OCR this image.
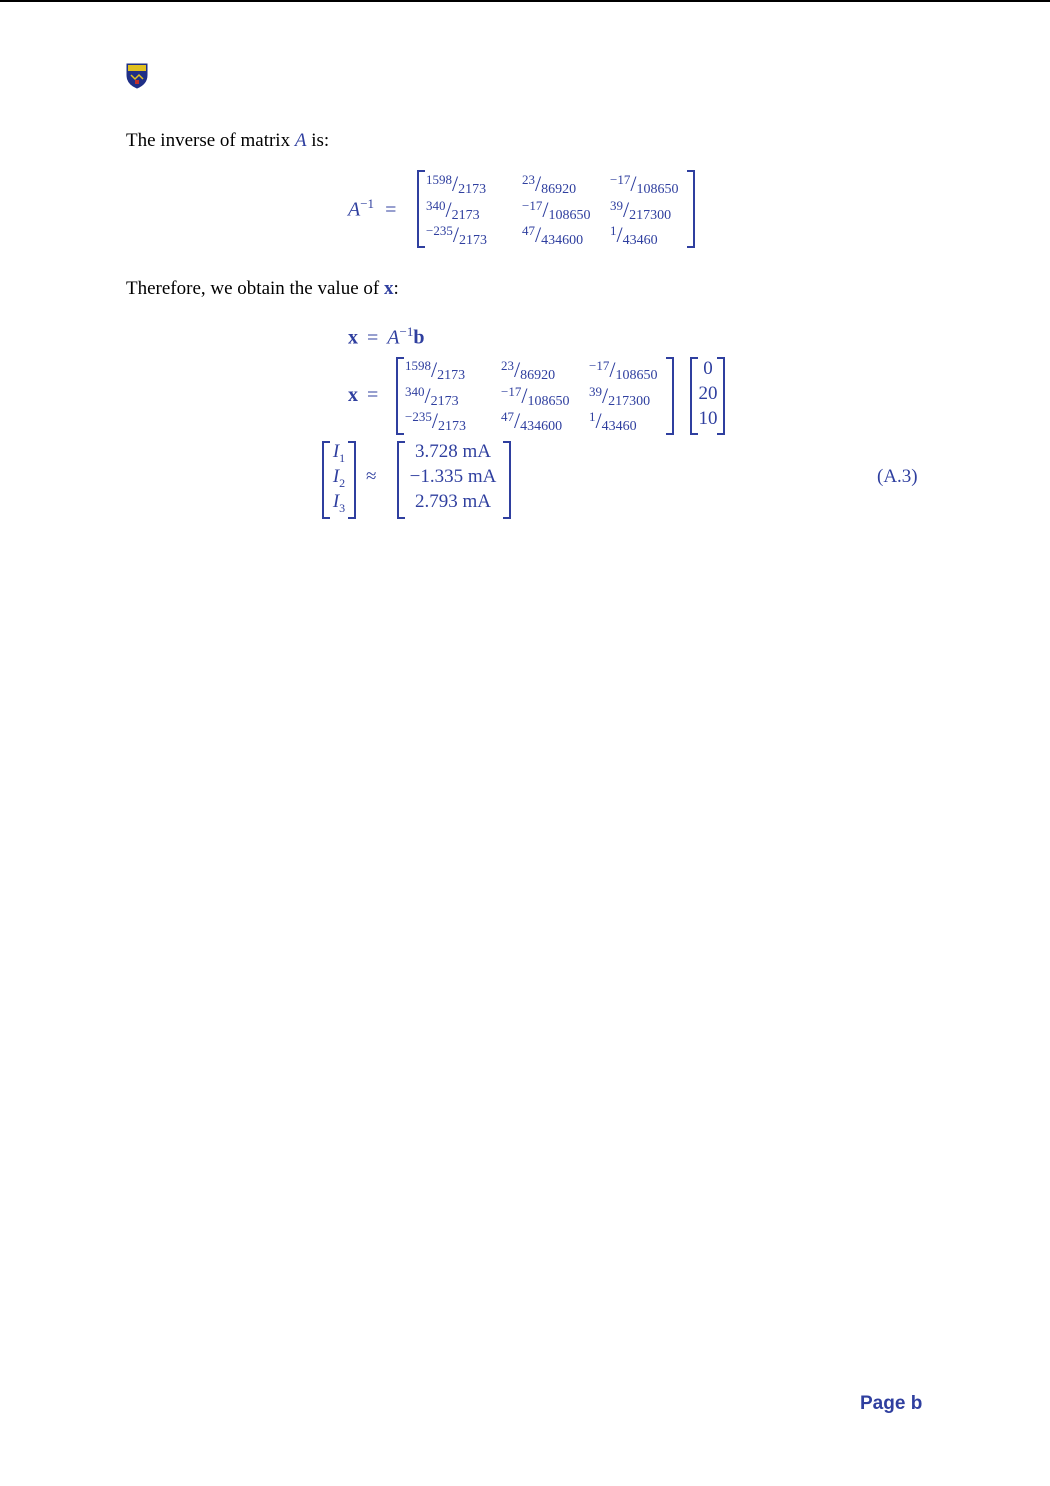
The inverse of matrix A is:
$A^{-1}$ =
$^{1598}$/2173
$^{23}$/86920
$^{-17}$/108650
$^{340}$/2173
$^{-17}$/108650
$^{39}$/217300
$^{-235}$/2173
$^{47}$/434600
$^1$/43460
Therefore, we obtain the value of x:
$x = A^{-1}b$
x =
$^{1598}$/2173
$^{23}$/86920
$^{-17}$/108650
$^{340}$/2173
$^{-17}$/108650
$^{39}$/217300
$^{-235}$/2173
$^{47}$/434600
$^1$/43460
0
20
10
$I_1$
$I_2$
$I_3$
≈
3.728 mA
−1.335 mA
2.793 mA
(A.3)
Page b
